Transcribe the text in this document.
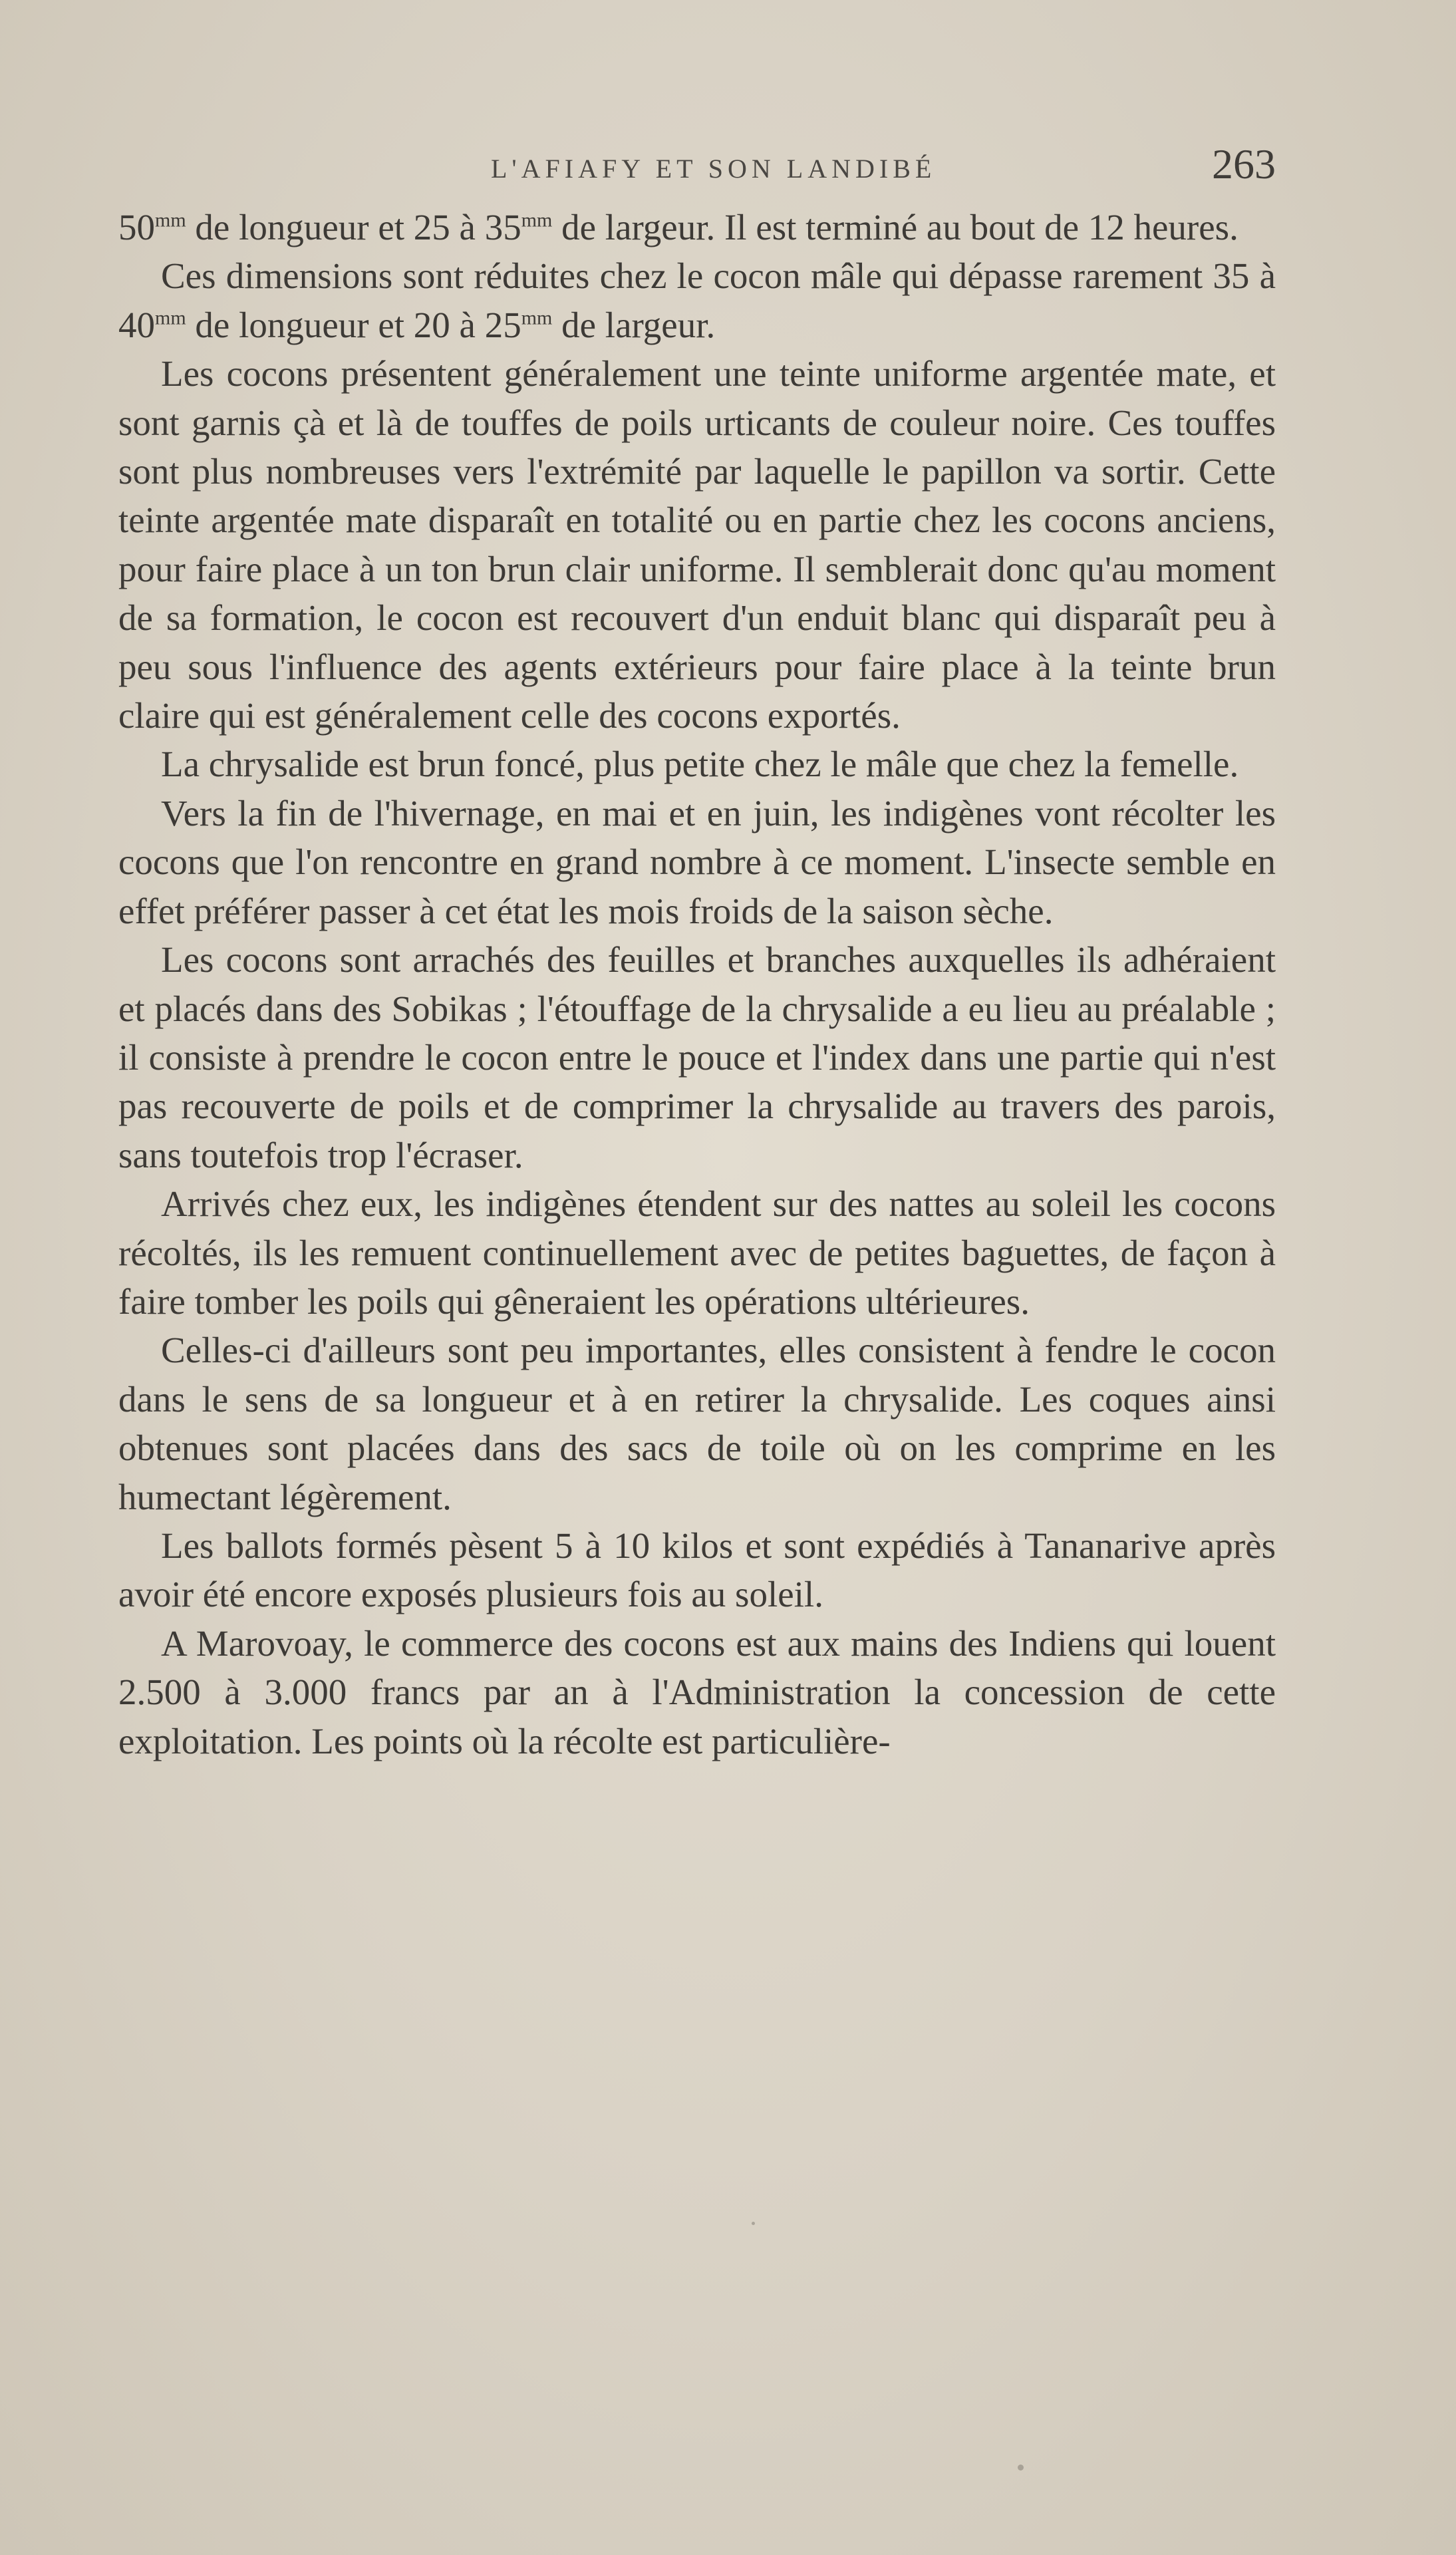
L'AFIAFY ET SON LANDIBÉ	263

$50^{mm}$ de longueur et 25 à $35^{mm}$ de largeur. Il est terminé au bout de 12 heures.

Ces dimensions sont réduites chez le cocon mâle qui dépasse rarement 35 à $40^{mm}$ de longueur et 20 à $25^{mm}$ de largeur.

Les cocons présentent généralement une teinte uniforme argentée mate, et sont garnis çà et là de touffes de poils urticants de couleur noire. Ces touffes sont plus nombreuses vers l'extrémité par laquelle le papillon va sortir. Cette teinte argentée mate disparaît en totalité ou en partie chez les cocons anciens, pour faire place à un ton brun clair uniforme. Il semblerait donc qu'au moment de sa formation, le cocon est recouvert d'un enduit blanc qui disparaît peu à peu sous l'influence des agents extérieurs pour faire place à la teinte brun claire qui est généralement celle des cocons exportés.

La chrysalide est brun foncé, plus petite chez le mâle que chez la femelle.

Vers la fin de l'hivernage, en mai et en juin, les indigènes vont récolter les cocons que l'on rencontre en grand nombre à ce moment. L'insecte semble en effet préférer passer à cet état les mois froids de la saison sèche.

Les cocons sont arrachés des feuilles et branches auxquelles ils adhéraient et placés dans des Sobikas ; l'étouffage de la chrysalide a eu lieu au préalable ; il consiste à prendre le cocon entre le pouce et l'index dans une partie qui n'est pas recouverte de poils et de comprimer la chrysalide au travers des parois, sans toutefois trop l'écraser.

Arrivés chez eux, les indigènes étendent sur des nattes au soleil les cocons récoltés, ils les remuent continuellement avec de petites baguettes, de façon à faire tomber les poils qui gêneraient les opérations ultérieures.

Celles-ci d'ailleurs sont peu importantes, elles consistent à fendre le cocon dans le sens de sa longueur et à en retirer la chrysalide. Les coques ainsi obtenues sont placées dans des sacs de toile où on les comprime en les humectant légèrement.

Les ballots formés pèsent 5 à 10 kilos et sont expédiés à Tananarive après avoir été encore exposés plusieurs fois au soleil.

A Marovoay, le commerce des cocons est aux mains des Indiens qui louent 2.500 à 3.000 francs par an à l'Administration la concession de cette exploitation. Les points où la récolte est particulière-
